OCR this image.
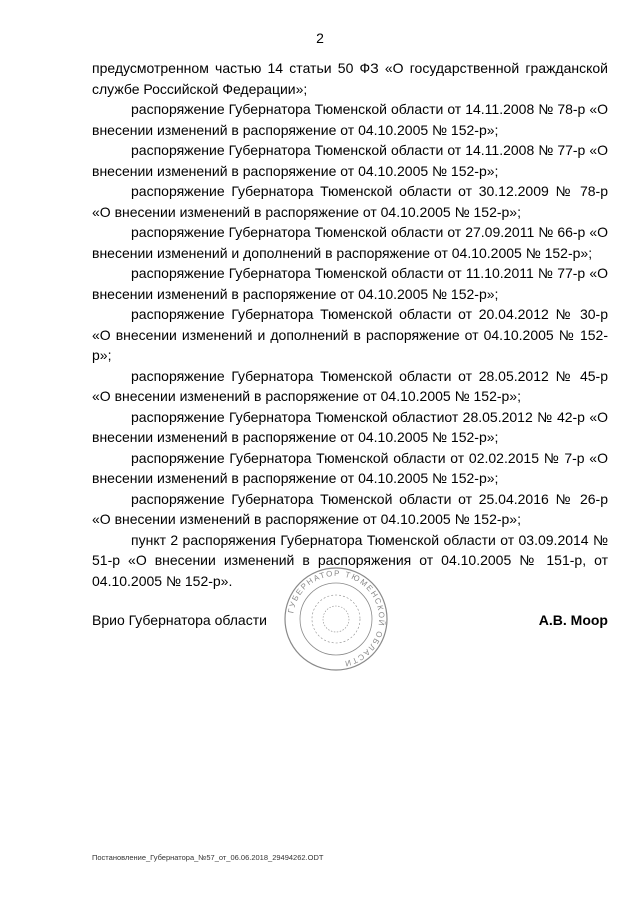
2

предусмотренном частью 14 статьи 50 ФЗ «О государственной гражданской службе Российской Федерации»;

распоряжение Губернатора Тюменской области от 14.11.2008 № 78-р «О внесении изменений в распоряжение от 04.10.2005 № 152-р»;

распоряжение Губернатора Тюменской области от 14.11.2008 № 77-р «О внесении изменений в распоряжение от 04.10.2005 № 152-р»;

распоряжение Губернатора Тюменской области от 30.12.2009 № 78-р «О внесении изменений в распоряжение от 04.10.2005 № 152-р»;

распоряжение Губернатора Тюменской области от 27.09.2011 № 66-р «О внесении изменений и дополнений в распоряжение от 04.10.2005 № 152-р»;

распоряжение Губернатора Тюменской области от 11.10.2011 № 77-р «О внесении изменений в распоряжение от 04.10.2005 № 152-р»;

распоряжение Губернатора Тюменской области от 20.04.2012 № 30-р «О внесении изменений и дополнений в распоряжение от 04.10.2005 № 152-р»;

распоряжение Губернатора Тюменской области от 28.05.2012 № 45-р «О внесении изменений в распоряжение от 04.10.2005 № 152-р»;

распоряжение Губернатора Тюменской областиот 28.05.2012 № 42-р «О внесении изменений в распоряжение от 04.10.2005 № 152-р»;

распоряжение Губернатора Тюменской области от 02.02.2015 № 7-р «О внесении изменений в распоряжение от 04.10.2005 № 152-р»;

распоряжение Губернатора Тюменской области от 25.04.2016 № 26-р «О внесении изменений в распоряжение от 04.10.2005 № 152-р»;

пункт 2 распоряжения Губернатора Тюменской области от 03.09.2014 № 51-р «О внесении изменений в распоряжения от 04.10.2005 № 151-р, от 04.10.2005 № 152-р».

ГУБЕРНАТОР ТЮМЕНСКОЙ ОБЛАСТИ
Врио Губернатора области	А.В. Моор
Постановление_Губернатора_№57_от_06.06.2018_29494262.ODT
